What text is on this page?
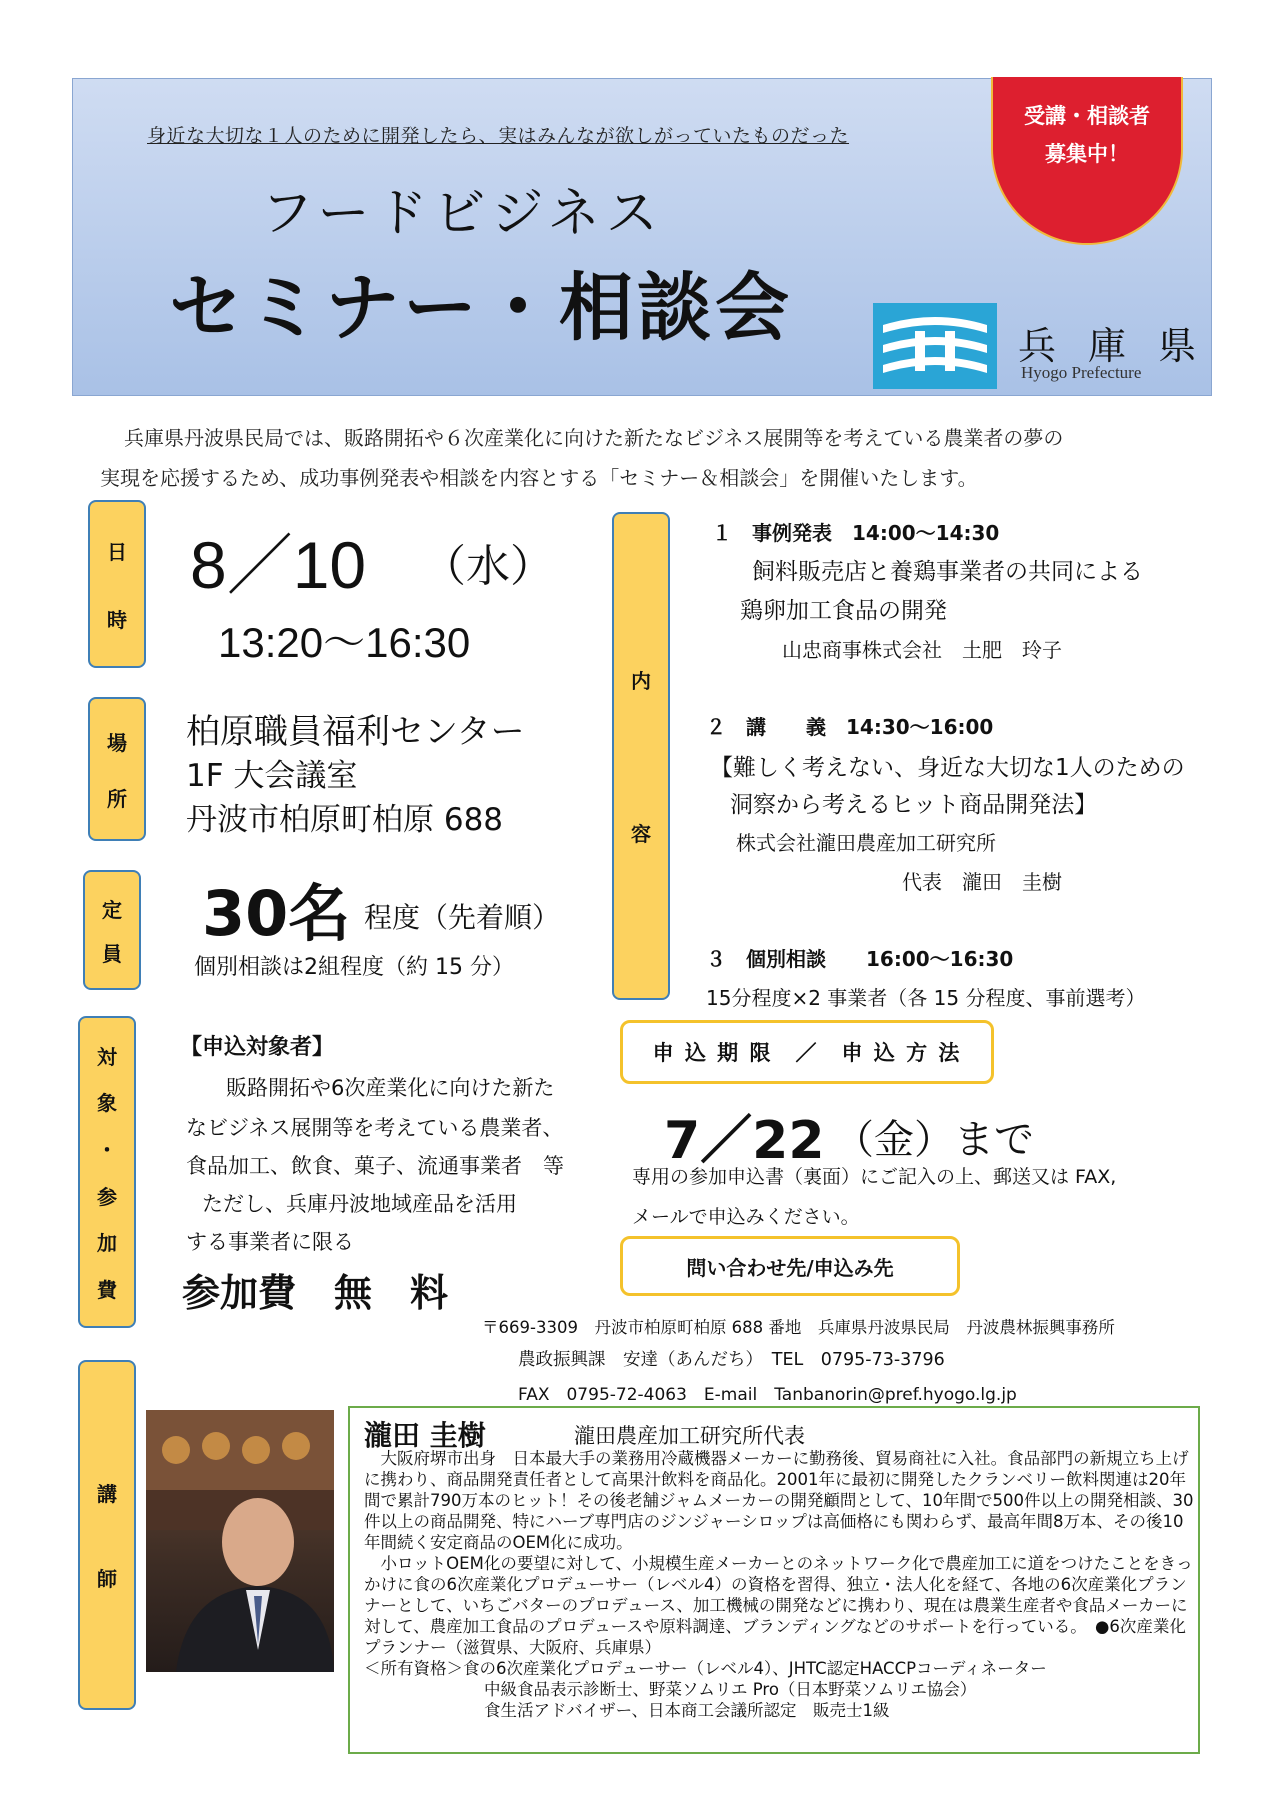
身近な大切な１人のために開発したら、実はみんなが欲しがっていたものだった
フードビジネス
セミナー・相談会
受講・相談者
募集中！
兵 庫 県
Hyogo Prefecture

兵庫県丹波県民局では、販路開拓や６次産業化に向けた新たなビジネス展開等を考えている農業者の夢の

実現を応援するため、成功事例発表や相談を内容とする「セミナー＆相談会」を開催いたします。

日
時
場
所
定
員
対
象
・
参
加
費
内
容
講
師
8／10 （水）
13:20〜16:30
柏原職員福利センター
1F 大会議室
丹波市柏原町柏原 688
30名 程度（先着順）
個別相談は2組程度（約 15 分）
【申込対象者】
販路開拓や6次産業化に向けた新た
なビジネス展開等を考えている農業者、
食品加工、飲食、菓子、流通事業者　等
ただし、兵庫丹波地域産品を活用
する事業者に限る
参加費　無　料
１　事例発表　14:00〜14:30
飼料販売店と養鶏事業者の共同による
鶏卵加工食品の開発
山忠商事株式会社　土肥　玲子
２　講　　義　14:30〜16:00
【難しく考えない、身近な大切な1人のための
洞察から考えるヒット商品開発法】
株式会社瀧田農産加工研究所
代表　瀧田　圭樹
３　個別相談　　16:00〜16:30
15分程度×2 事業者（各 15 分程度、事前選考）
申 込 期 限　／　申 込 方 法
7／22 （金）まで
専用の参加申込書（裏面）にご記入の上、郵送又は FAX,
メールで申込みください。
問い合わせ先/申込み先
〒669-3309　丹波市柏原町柏原 688 番地　兵庫県丹波県民局　丹波農林振興事務所
農政振興課　安達（あんだち）　TEL　0795-73-3796
FAX　0795-72-4063　E-mail　Tanbanorin@pref.hyogo.lg.jp
瀧田 圭樹	瀧田農産加工研究所代表

　大阪府堺市出身　日本最大手の業務用冷蔵機器メーカーに勤務後、貿易商社に入社。食品部門の新規立ち上げに携わり、商品開発責任者として高果汁飲料を商品化。2001年に最初に開発したクランベリー飲料関連は20年間で累計790万本のヒット！その後老舗ジャムメーカーの開発顧問として、10年間で500件以上の開発相談、30件以上の商品開発、特にハーブ専門店のジンジャーシロップは高価格にも関わらず、最高年間8万本、その後10年間続く安定商品のOEM化に成功。

　小ロットOEM化の要望に対して、小規模生産メーカーとのネットワーク化で農産加工に道をつけたことをきっかけに食の6次産業化プロデューサー（レベル4）の資格を習得、独立・法人化を経て、各地の6次産業化プランナーとして、いちごバターのプロデュース、加工機械の開発などに携わり、現在は農業生産者や食品メーカーに対して、農産加工食品のプロデュースや原料調達、ブランディングなどのサポートを行っている。　●6次産業化プランナー（滋賀県、大阪府、兵庫県）

＜所有資格＞食の6次産業化プロデューサー（レベル4）、JHTC認定HACCPコーディネーター

中級食品表示診断士、野菜ソムリエ Pro（日本野菜ソムリエ協会）

食生活アドバイザー、日本商工会議所認定　販売士1級
